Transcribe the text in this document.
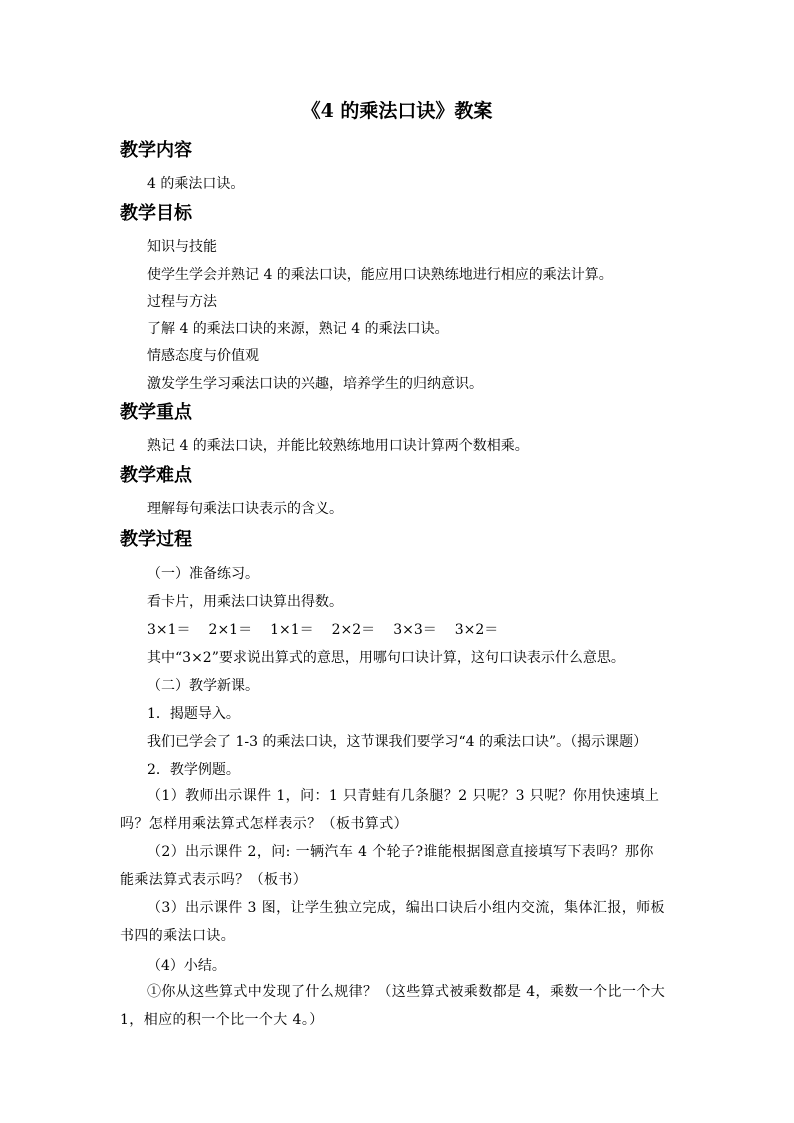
《4 的乘法口诀》教案
教学内容
4 的乘法口诀。
教学目标
知识与技能
使学生学会并熟记 4 的乘法口诀，能应用口诀熟练地进行相应的乘法计算。
过程与方法
了解 4 的乘法口诀的来源，熟记 4 的乘法口诀。
情感态度与价值观
激发学生学习乘法口诀的兴趣，培养学生的归纳意识。
教学重点
熟记 4 的乘法口诀，并能比较熟练地用口诀计算两个数相乘。
教学难点
理解每句乘法口诀表示的含义。
教学过程
（一）准备练习。
看卡片，用乘法口诀算出得数。
3×1＝ 2×1＝ 1×1＝ 2×2＝ 3×3＝ 3×2＝
其中“3×2”要求说出算式的意思，用哪句口诀计算，这句口诀表示什么意思。
（二）教学新课。
1．揭题导入。
我们已学会了 1-3 的乘法口诀，这节课我们要学习“4 的乘法口诀”。（揭示课题）
2．教学例题。
（1）教师出示课件 1，问：1 只青蛙有几条腿？2 只呢？3 只呢？你用快速填上吗？怎样用乘法算式怎样表示？（板书算式）
（2）出示课件 2，问: 一辆汽车 4 个轮子?谁能根据图意直接填写下表吗？那你能乘法算式表示吗？（板书）
（3）出示课件 3 图，让学生独立完成，编出口诀后小组内交流，集体汇报，师板书四的乘法口诀。
（4）小结。
①你从这些算式中发现了什么规律？（这些算式被乘数都是 4，乘数一个比一个大 1，相应的积一个比一个大 4。）
